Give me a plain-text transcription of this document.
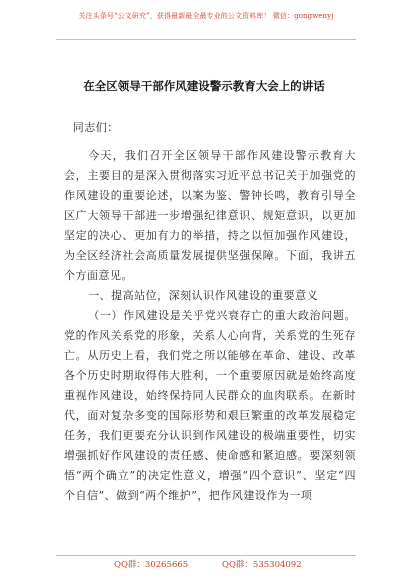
关注头条号“公文研究”，获得最新最全最专业的公文资料库！ 微信：gongwenyj
在全区领导干部作风建设警示教育大会上的讲话

同志们：

今天，我们召开全区领导干部作风建设警示教育大会，主要目的是深入贯彻落实习近平总书记关于加强党的作风建设的重要论述，以案为鉴、警钟长鸣，教育引导全区广大领导干部进一步增强纪律意识、规矩意识，以更加坚定的决心、更加有力的举措，持之以恒加强作风建设，为全区经济社会高质量发展提供坚强保障。下面，我讲五个方面意见。

一、提高站位，深刻认识作风建设的重要意义

（一）作风建设是关乎党兴衰存亡的重大政治问题。党的作风关系党的形象，关系人心向背，关系党的生死存亡。从历史上看，我们党之所以能够在革命、建设、改革各个历史时期取得伟大胜利，一个重要原因就是始终高度重视作风建设，始终保持同人民群众的血肉联系。在新时代，面对复杂多变的国际形势和艰巨繁重的改革发展稳定任务，我们更要充分认识到作风建设的极端重要性，切实增强抓好作风建设的责任感、使命感和紧迫感。要深刻领悟“两个确立”的决定性意义，增强“四个意识”、坚定“四个自信”、做到“两个维护”，把作风建设作为一项

QQ群：30265665	QQ群：535304092
